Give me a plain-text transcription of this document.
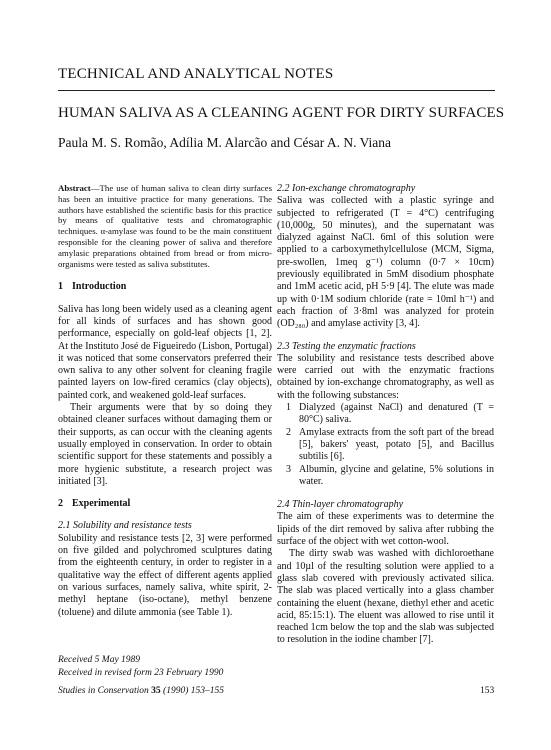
TECHNICAL AND ANALYTICAL NOTES
HUMAN SALIVA AS A CLEANING AGENT FOR DIRTY SURFACES
Paula M. S. Romão, Adília M. Alarcão and César A. N. Viana

Abstract—The use of human saliva to clean dirty surfaces has been an intuitive practice for many generations. The authors have established the scientific basis for this practice by means of qualitative tests and chromatographic techniques. α-amylase was found to be the main constituent responsible for the cleaning power of saliva and therefore amylasic preparations obtained from bread or from micro-organisms were tested as saliva substitutes.

1 Introduction

Saliva has long been widely used as a cleaning agent for all kinds of surfaces and has shown good performance, especially on gold-leaf objects [1, 2]. At the Instituto José de Figueiredo (Lisbon, Portugal) it was noticed that some conservators preferred their own saliva to any other solvent for cleaning fragile painted layers on low-fired ceramics (clay objects), painted cork, and weakened gold-leaf surfaces.

Their arguments were that by so doing they obtained cleaner surfaces without damaging them or their supports, as can occur with the cleaning agents usually employed in conservation. In order to obtain scientific support for these statements and possibly a more hygienic substitute, a research project was initiated [3].

2 Experimental
2.1 Solubility and resistance tests

Solubility and resistance tests [2, 3] were performed on five gilded and polychromed sculptures dating from the eighteenth century, in order to register in a qualitative way the effect of different agents applied on various surfaces, namely saliva, white spirit, 2-methyl heptane (iso-octane), methyl benzene (toluene) and dilute ammonia (see Table 1).

2.2 Ion-exchange chromatography

Saliva was collected with a plastic syringe and subjected to refrigerated (T = 4°C) centrifuging (10,000g, 50 minutes), and the supernatant was dialyzed against NaCl. 6ml of this solution were applied to a carboxymethylcellulose (MCM, Sigma, pre-swollen, 1meq g⁻¹) column (0·7 × 10cm) previously equilibrated in 5mM disodium phosphate and 1mM acetic acid, pH 5·9 [4]. The elute was made up with 0·1M sodium chloride (rate = 10ml h⁻¹) and each fraction of 3·8ml was analyzed for protein (OD₂₈₀) and amylase activity [3, 4].

2.3 Testing the enzymatic fractions

The solubility and resistance tests described above were carried out with the enzymatic fractions obtained by ion-exchange chromatography, as well as with the following substances:

1 Dialyzed (against NaCl) and denatured (T = 80°C) saliva.
2 Amylase extracts from the soft part of the bread [5], bakers' yeast, potato [5], and Bacillus subtilis [6].
3 Albumin, glycine and gelatine, 5% solutions in water.
2.4 Thin-layer chromatography

The aim of these experiments was to determine the lipids of the dirt removed by saliva after rubbing the surface of the object with wet cotton-wool.

The dirty swab was washed with dichloroethane and 10µl of the resulting solution were applied to a glass slab covered with previously activated silica. The slab was placed vertically into a glass chamber containing the eluent (hexane, diethyl ether and acetic acid, 85:15:1). The eluent was allowed to rise until it reached 1cm below the top and the slab was subjected to resolution in the iodine chamber [7].

Received 5 May 1989
Received in revised form 23 February 1990
Studies in Conservation 35 (1990) 153–155	153
